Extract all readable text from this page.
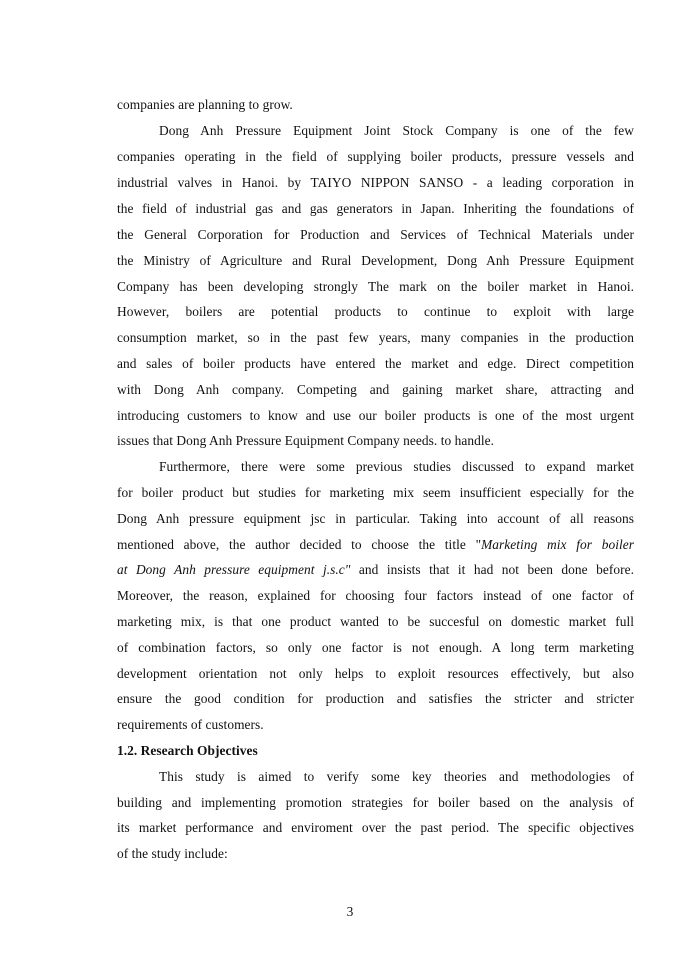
companies are planning to grow.
Dong Anh Pressure Equipment Joint Stock Company is one of the few
companies operating in the field of supplying boiler products, pressure vessels and
industrial valves in Hanoi. by TAIYO NIPPON SANSO - a leading corporation in
the field of industrial gas and gas generators in Japan. Inheriting the foundations of
the General Corporation for Production and Services of Technical Materials under
the Ministry of Agriculture and Rural Development, Dong Anh Pressure Equipment
Company has been developing strongly The mark on the boiler market in Hanoi.
However, boilers are potential products to continue to exploit with large
consumption market, so in the past few years, many companies in the production
and sales of boiler products have entered the market and edge. Direct competition
with Dong Anh company. Competing and gaining market share, attracting and
introducing customers to know and use our boiler products is one of the most urgent
issues that Dong Anh Pressure Equipment Company needs. to handle.
Furthermore, there were some previous studies discussed to expand market
for boiler product but studies for marketing mix seem insufficient especially for the
Dong Anh pressure equipment jsc in particular. Taking into account of all reasons
mentioned above, the author decided to choose the title "Marketing mix for boiler
at Dong Anh pressure equipment j.s.c" and insists that it had not been done before.
Moreover, the reason, explained for choosing four factors instead of one factor of
marketing mix, is that one product wanted to be succesful on domestic market full
of combination factors, so only one factor is not enough. A long term marketing
development orientation not only helps to exploit resources effectively, but also
ensure the good condition for production and satisfies the stricter and stricter
requirements of customers.
1.2. Research Objectives
This study is aimed to verify some key theories and methodologies of
building and implementing promotion strategies for boiler based on the analysis of
its market performance and enviroment over the past period. The specific objectives
of the study include:
3
